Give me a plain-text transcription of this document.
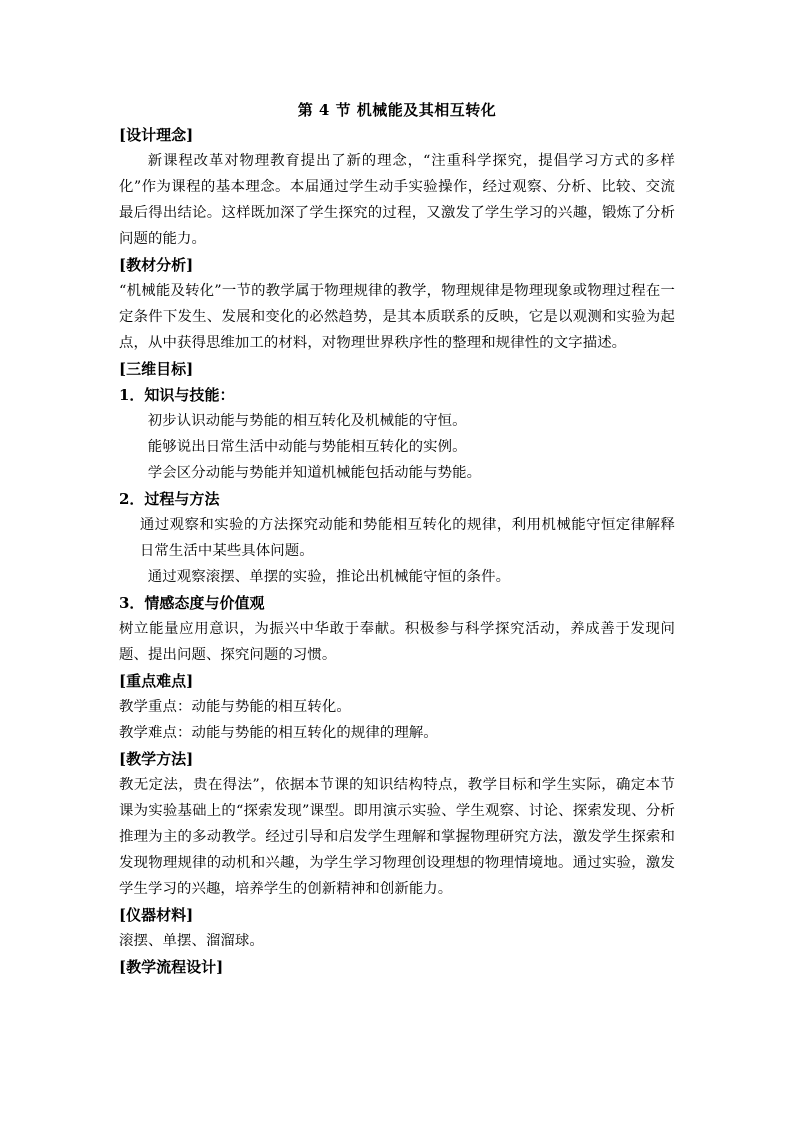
第 4 节 机械能及其相互转化
[设计理念]

新课程改革对物理教育提出了新的理念，“注重科学探究，提倡学习方式的多样化”作为课程的基本理念。本届通过学生动手实验操作，经过观察、分析、比较、交流最后得出结论。这样既加深了学生探究的过程，又激发了学生学习的兴趣，锻炼了分析问题的能力。

[教材分析]

“机械能及转化”一节的教学属于物理规律的教学，物理规律是物理现象或物理过程在一定条件下发生、发展和变化的必然趋势，是其本质联系的反映，它是以观测和实验为起点，从中获得思维加工的材料，对物理世界秩序性的整理和规律性的文字描述。

[三维目标]
1．知识与技能：

初步认识动能与势能的相互转化及机械能的守恒。

能够说出日常生活中动能与势能相互转化的实例。

学会区分动能与势能并知道机械能包括动能与势能。

2．过程与方法

通过观察和实验的方法探究动能和势能相互转化的规律，利用机械能守恒定律解释日常生活中某些具体问题。

通过观察滚摆、单摆的实验，推论出机械能守恒的条件。

3．情感态度与价值观

树立能量应用意识，为振兴中华敢于奉献。积极参与科学探究活动，养成善于发现问题、提出问题、探究问题的习惯。

[重点难点]

教学重点：动能与势能的相互转化。

教学难点：动能与势能的相互转化的规律的理解。

[教学方法]

教无定法，贵在得法”，依据本节课的知识结构特点，教学目标和学生实际，确定本节课为实验基础上的“探索发现”课型。即用演示实验、学生观察、讨论、探索发现、分析推理为主的多动教学。经过引导和启发学生理解和掌握物理研究方法，激发学生探索和发现物理规律的动机和兴趣，为学生学习物理创设理想的物理情境地。通过实验，激发学生学习的兴趣，培养学生的创新精神和创新能力。

[仪器材料]

滚摆、单摆、溜溜球。

[教学流程设计]
